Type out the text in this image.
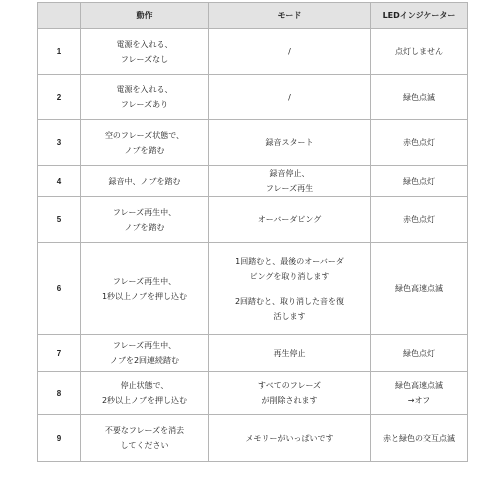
	動作	モード	LEDインジケーター
1	電源を入れる、
フレーズなし	/	点灯しません

2	電源を入れる、
フレーズあり	/	緑色点滅

3	空のフレーズ状態で、
ノブを踏む	録音スタート	赤色点灯

4	録音中、ノブを踏む	録音停止、
フレーズ再生	緑色点灯

5	フレーズ再生中、
ノブを踏む	オーバーダビング	赤色点灯

6	フレーズ再生中、
1秒以上ノブを押し込む	1回踏むと、最後のオーバーダ
ビングを取り消します
2回踏むと、取り消した音を復
活します	緑色高速点滅

7	フレーズ再生中、
ノブを2回連続踏む	再生停止	緑色点灯

8	停止状態で、
2秒以上ノブを押し込む	すべてのフレーズ
が削除されます	緑色高速点滅
→オフ

9	不要なフレーズを消去
してください	メモリーがいっぱいです	赤と緑色の交互点滅
